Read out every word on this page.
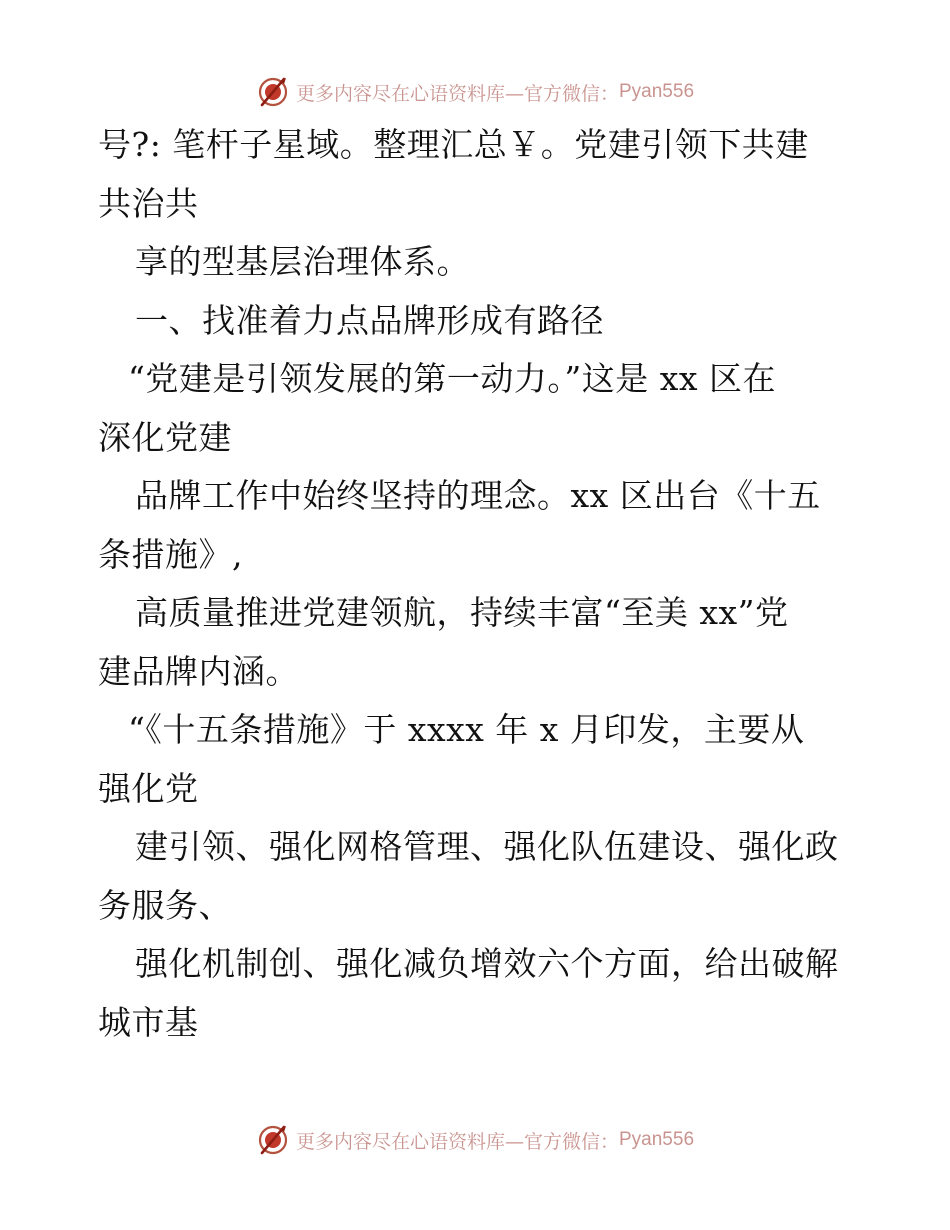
更多内容尽在心语资料库—官方微信： Pyan556
号?: 笔杆子星域。整理汇总￥。党建引领下共建
共治共
享的型基层治理体系。
一、找准着力点品牌形成有路径
“党建是引领发展的第一动力。”这是 xx 区在
深化党建
品牌工作中始终坚持的理念。xx 区出台《十五
条措施》,
高质量推进党建领航，持续丰富“至美 xx”党
建品牌内涵。
“《十五条措施》于 xxxx 年 x 月印发，主要从
强化党
建引领、强化网格管理、强化队伍建设、强化政
务服务、
强化机制创、强化减负增效六个方面，给出破解
城市基
更多内容尽在心语资料库—官方微信： Pyan556
